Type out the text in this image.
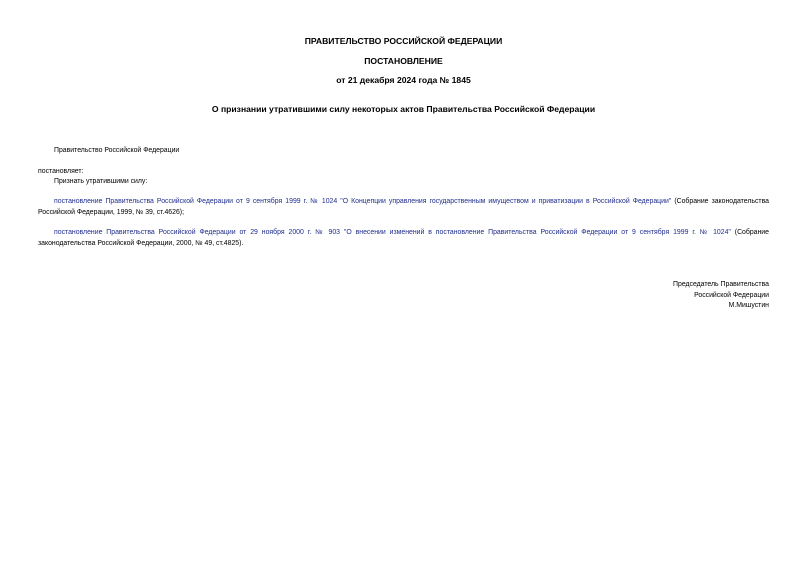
ПРАВИТЕЛЬСТВО РОССИЙСКОЙ ФЕДЕРАЦИИ
ПОСТАНОВЛЕНИЕ
от 21 декабря 2024 года № 1845
О признании утратившими силу некоторых актов Правительства Российской Федерации
Правительство Российской Федерации
постановляет:
Признать утратившими силу:
постановление Правительства Российской Федерации от 9 сентября 1999 г. № 1024 "О Концепции управления государственным имуществом и приватизации в Российской Федерации" (Собрание законодательства Российской Федерации, 1999, № 39, ст.4626);
постановление Правительства Российской Федерации от 29 ноября 2000 г. № 903 "О внесении изменений в постановление Правительства Российской Федерации от 9 сентября 1999 г. № 1024" (Собрание законодательства Российской Федерации, 2000, № 49, ст.4825).
Председатель Правительства
Российской Федерации
М.Мишустин
